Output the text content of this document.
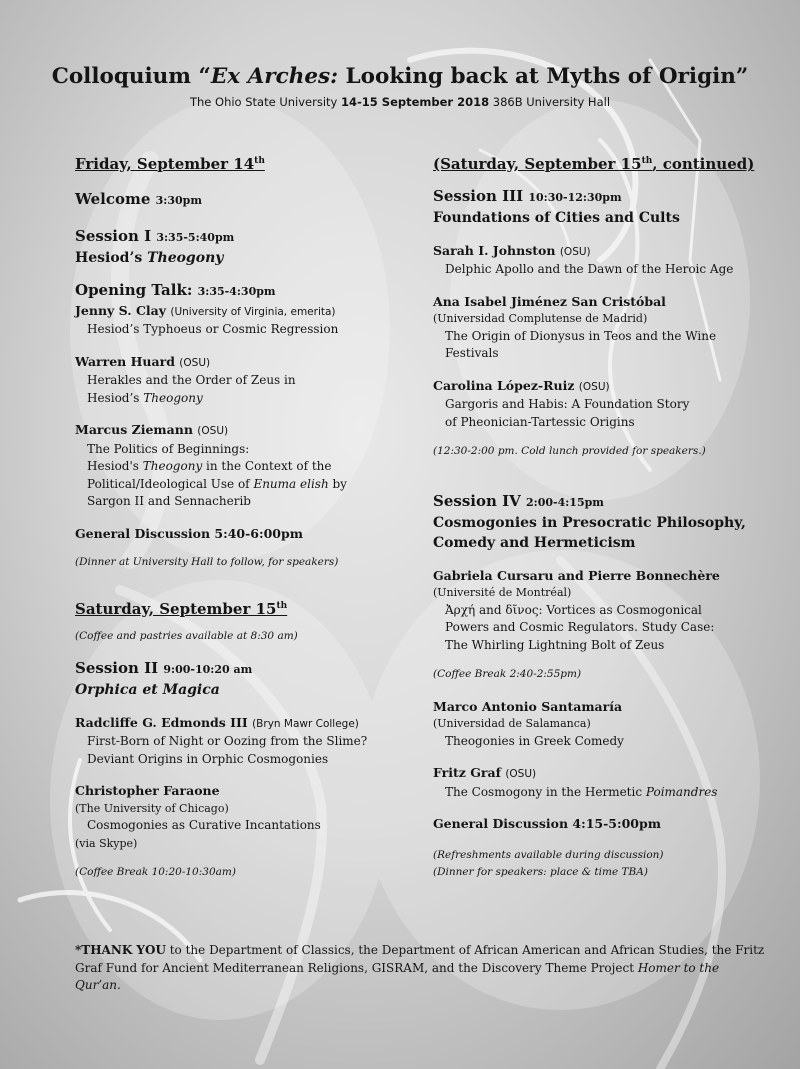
Colloquium “Ex Arches: Looking back at Myths of Origin”
The Ohio State University 14-15 September 2018 386B University Hall

Friday, September 14th

Welcome 3:30pm
Session I 3:35-5:40pm
Hesiod’s Theogony
Opening Talk: 3:35-4:30pm
Jenny S. Clay (University of Virginia, emerita)
Hesiod’s Typhoeus or Cosmic Regression
Warren Huard (OSU)
Herakles and the Order of Zeus in
Hesiod’s Theogony
Marcus Ziemann (OSU)
The Politics of Beginnings:
Hesiod's Theogony in the Context of the
Political/Ideological Use of Enuma elish by
Sargon II and Sennacherib
General Discussion 5:40-6:00pm
(Dinner at University Hall to follow, for speakers)

Saturday, September 15th

(Coffee and pastries available at 8:30 am)
Session II 9:00-10:20 am
Orphica et Magica
Radcliffe G. Edmonds III (Bryn Mawr College)
First-Born of Night or Oozing from the Slime?
Deviant Origins in Orphic Cosmogonies
Christopher Faraone
(The University of Chicago)
Cosmogonies as Curative Incantations
(via Skype)
(Coffee Break 10:20-10:30am)

(Saturday, September 15th, continued)

Session III 10:30-12:30pm
Foundations of Cities and Cults
Sarah I. Johnston (OSU)
Delphic Apollo and the Dawn of the Heroic Age
Ana Isabel Jiménez San Cristóbal
(Universidad Complutense de Madrid)
The Origin of Dionysus in Teos and the Wine
Festivals
Carolina López-Ruiz (OSU)
Gargoris and Habis: A Foundation Story
of Pheonician-Tartessic Origins
(12:30-2:00 pm. Cold lunch provided for speakers.)
Session IV 2:00-4:15pm
Cosmogonies in Presocratic Philosophy,
Comedy and Hermeticism
Gabriela Cursaru and Pierre Bonnechère
(Université de Montréal)
Ἀρχή and δῖνος: Vortices as Cosmogonical
Powers and Cosmic Regulators. Study Case:
The Whirling Lightning Bolt of Zeus
(Coffee Break 2:40-2:55pm)
Marco Antonio Santamaría
(Universidad de Salamanca)
Theogonies in Greek Comedy
Fritz Graf (OSU)
The Cosmogony in the Hermetic Poimandres
General Discussion 4:15-5:00pm
(Refreshments available during discussion)
(Dinner for speakers: place & time TBA)
*THANK YOU to the Department of Classics, the Department of African American and African Studies, the Fritz Graf Fund for Ancient Mediterranean Religions, GISRAM, and the Discovery Theme Project Homer to the Qur’an.
